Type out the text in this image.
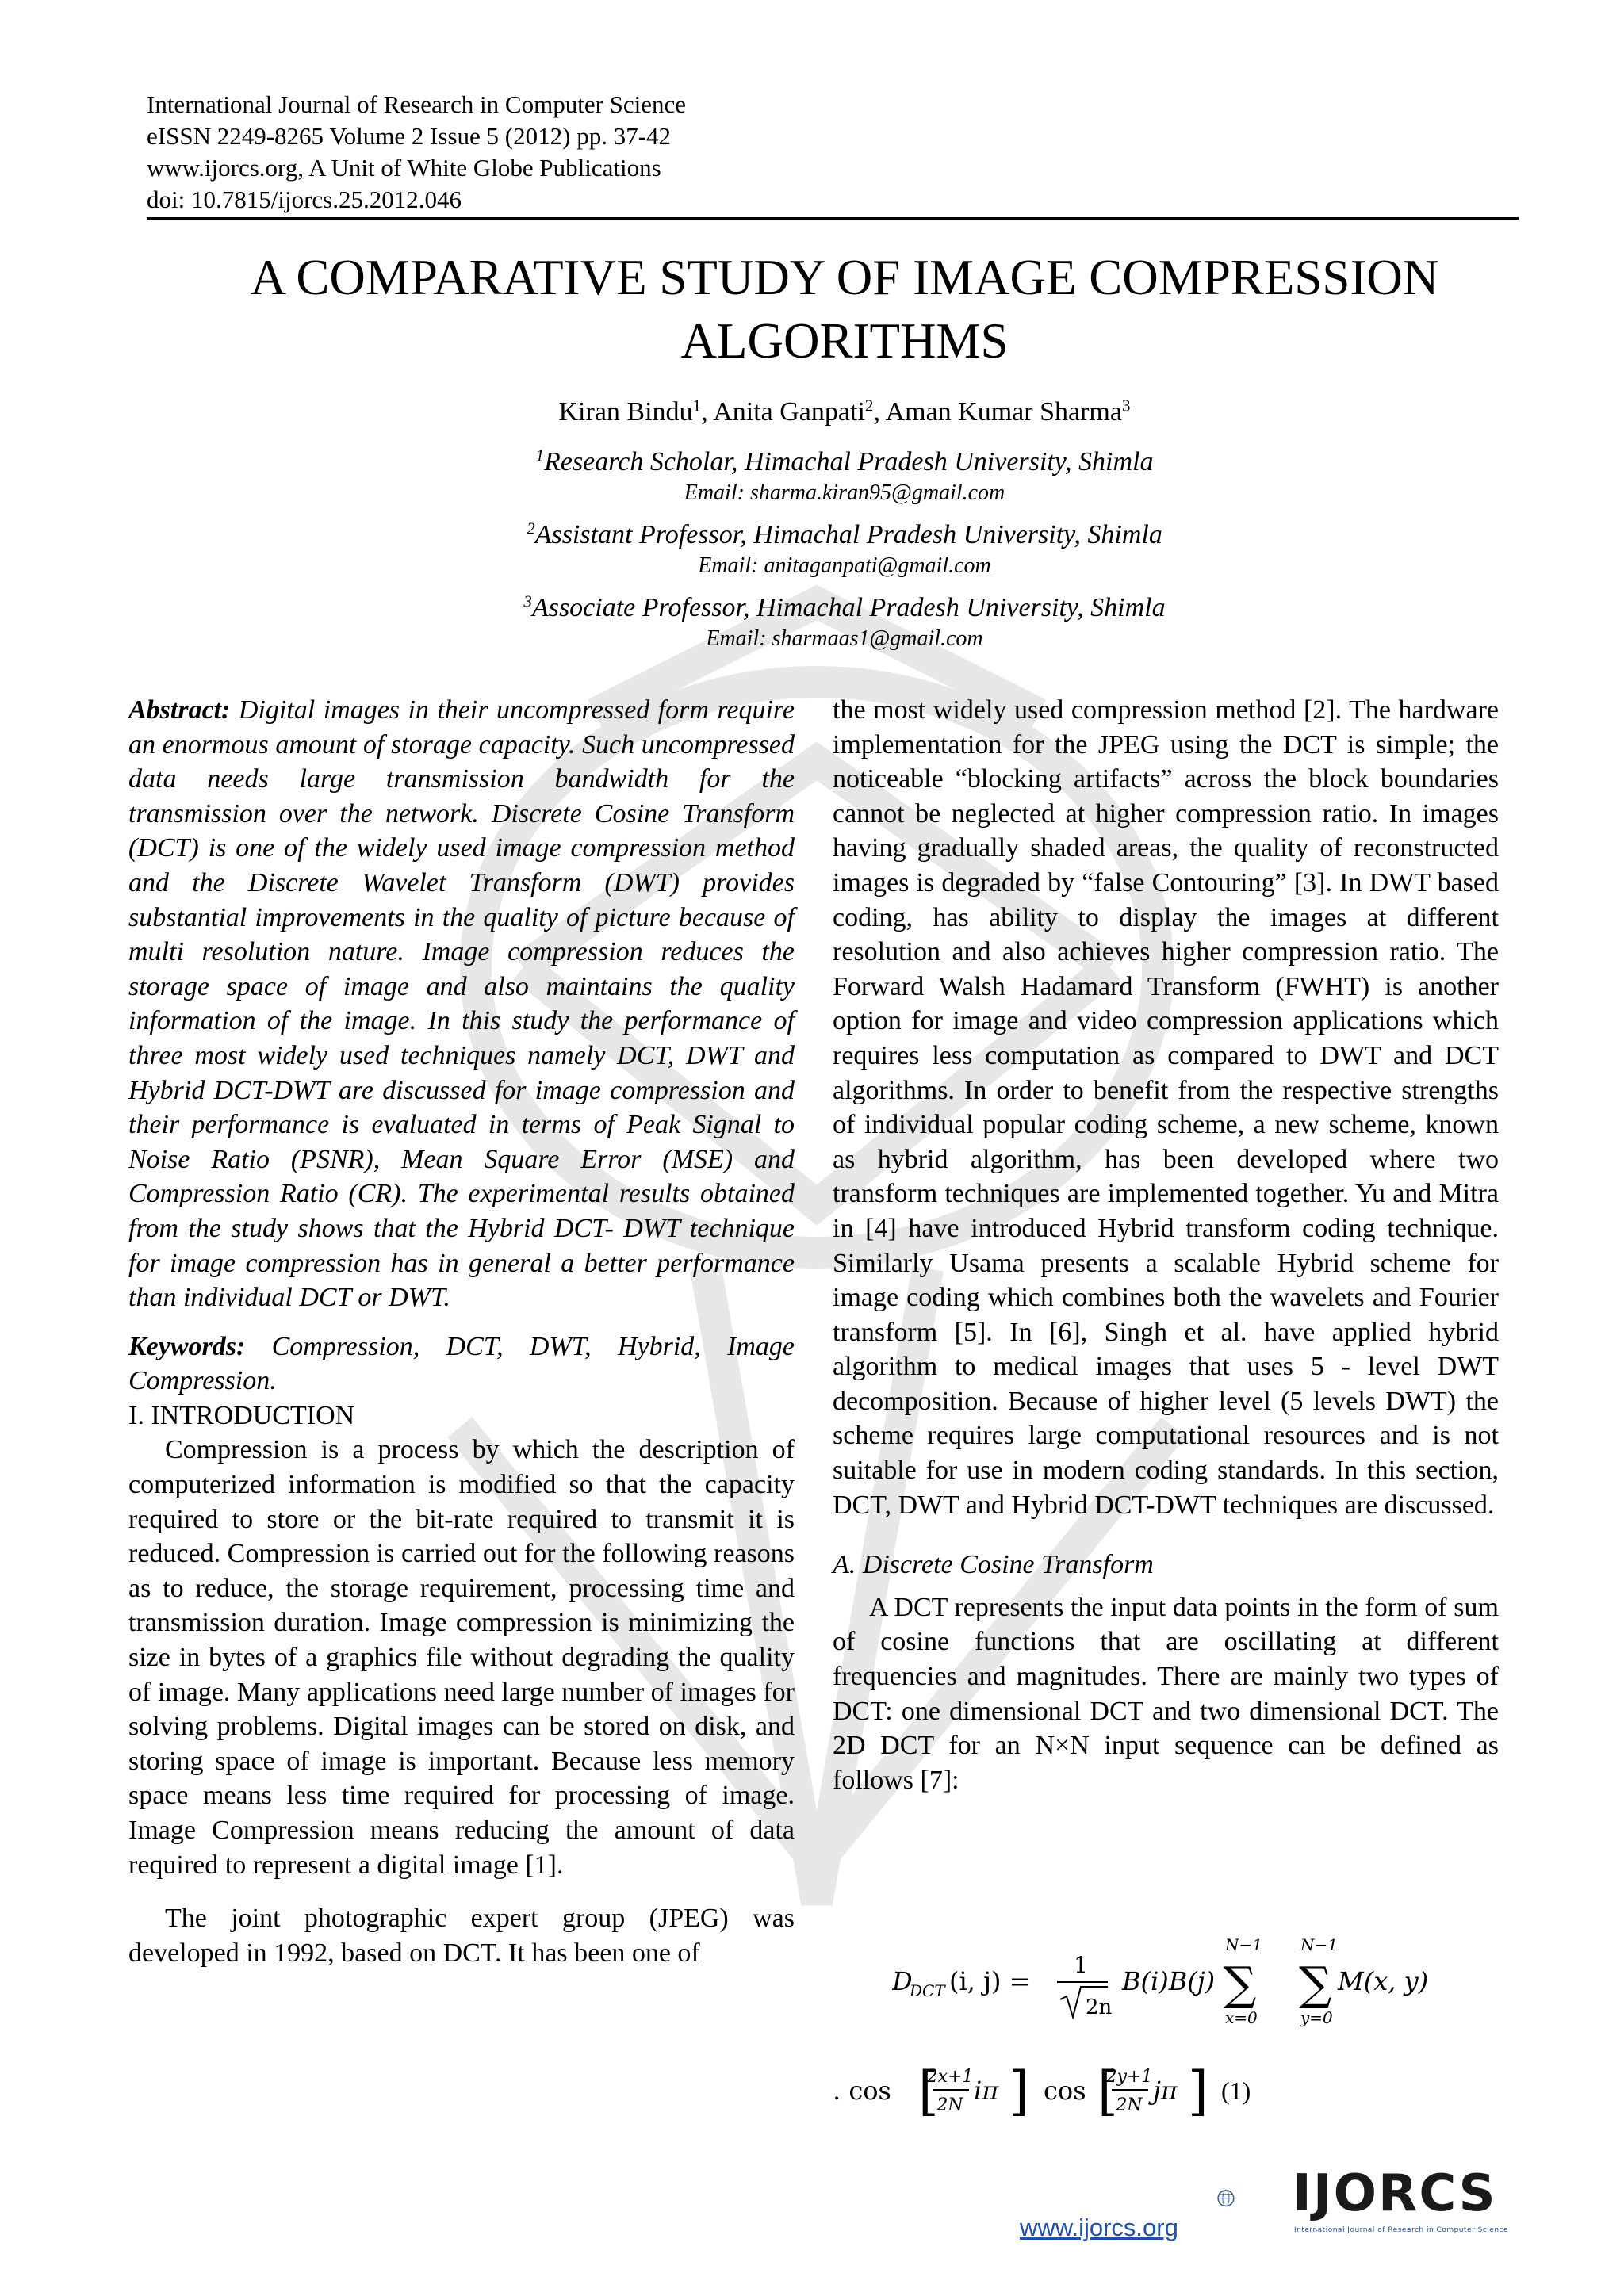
International Journal of Research in Computer Science
eISSN 2249-8265 Volume 2 Issue 5 (2012) pp. 37-42
www.ijorcs.org, A Unit of White Globe Publications
doi: 10.7815/ijorcs.25.2012.046
A COMPARATIVE STUDY OF IMAGE COMPRESSION
ALGORITHMS
Kiran Bindu$^1$, Anita Ganpati$^2$, Aman Kumar Sharma$^3$
$^1$Research Scholar, Himachal Pradesh University, Shimla
Email: sharma.kiran95@gmail.com
$^2$Assistant Professor, Himachal Pradesh University, Shimla
Email: anitaganpati@gmail.com
$^3$Associate Professor, Himachal Pradesh University, Shimla
Email: sharmaas1@gmail.com

Abstract: Digital images in their uncompressed form require an enormous amount of storage capacity. Such uncompressed data needs large transmission bandwidth for the transmission over the network. Discrete Cosine Transform (DCT) is one of the widely used image compression method and the Discrete Wavelet Transform (DWT) provides substantial improvements in the quality of picture because of multi resolution nature. Image compression reduces the storage space of image and also maintains the quality information of the image. In this study the performance of three most widely used techniques namely DCT, DWT and Hybrid DCT-DWT are discussed for image compression and their performance is evaluated in terms of Peak Signal to Noise Ratio (PSNR), Mean Square Error (MSE) and Compression Ratio (CR). The experimental results obtained from the study shows that the Hybrid DCT- DWT technique for image compression has in general a better performance than individual DCT or DWT.

Keywords: Compression, DCT, DWT, Hybrid, Image Compression.

I. INTRODUCTION

Compression is a process by which the description of computerized information is modified so that the capacity required to store or the bit-rate required to transmit it is reduced. Compression is carried out for the following reasons as to reduce, the storage requirement, processing time and transmission duration. Image compression is minimizing the size in bytes of a graphics file without degrading the quality of image. Many applications need large number of images for solving problems. Digital images can be stored on disk, and storing space of image is important. Because less memory space means less time required for processing of image. Image Compression means reducing the amount of data required to represent a digital image [1].

The joint photographic expert group (JPEG) was developed in 1992, based on DCT. It has been one of

the most widely used compression method [2]. The hardware implementation for the JPEG using the DCT is simple; the noticeable “blocking artifacts” across the block boundaries cannot be neglected at higher compression ratio. In images having gradually shaded areas, the quality of reconstructed images is degraded by “false Contouring” [3]. In DWT based coding, has ability to display the images at different resolution and also achieves higher compression ratio. The Forward Walsh Hadamard Transform (FWHT) is another option for image and video compression applications which requires less computation as compared to DWT and DCT algorithms. In order to benefit from the respective strengths of individual popular coding scheme, a new scheme, known as hybrid algorithm, has been developed where two transform techniques are implemented together. Yu and Mitra in [4] have introduced Hybrid transform coding technique. Similarly Usama presents a scalable Hybrid scheme for image coding which combines both the wavelets and Fourier transform [5]. In [6], Singh et al. have applied hybrid algorithm to medical images that uses 5 - level DWT decomposition. Because of higher level (5 levels DWT) the scheme requires large computational resources and is not suitable for use in modern coding standards. In this section, DCT, DWT and Hybrid DCT-DWT techniques are discussed.

A. Discrete Cosine Transform

A DCT represents the input data points in the form of sum of cosine functions that are oscillating at different frequencies and magnitudes. There are mainly two types of DCT: one dimensional DCT and two dimensional DCT. The 2D DCT for an N×N input sequence can be defined as follows [7]:

D
DCT (i, j) =
1
2n
B(i)B(j)
N−1
∑
x=0
N−1
∑
y=0
M(x, y)
. cos [
2x+1
2N iπ ] cos [
2y+1
2N jπ ] (1)
www.ijorcs.org
IJORCS
International Journal of Research in Computer Science
